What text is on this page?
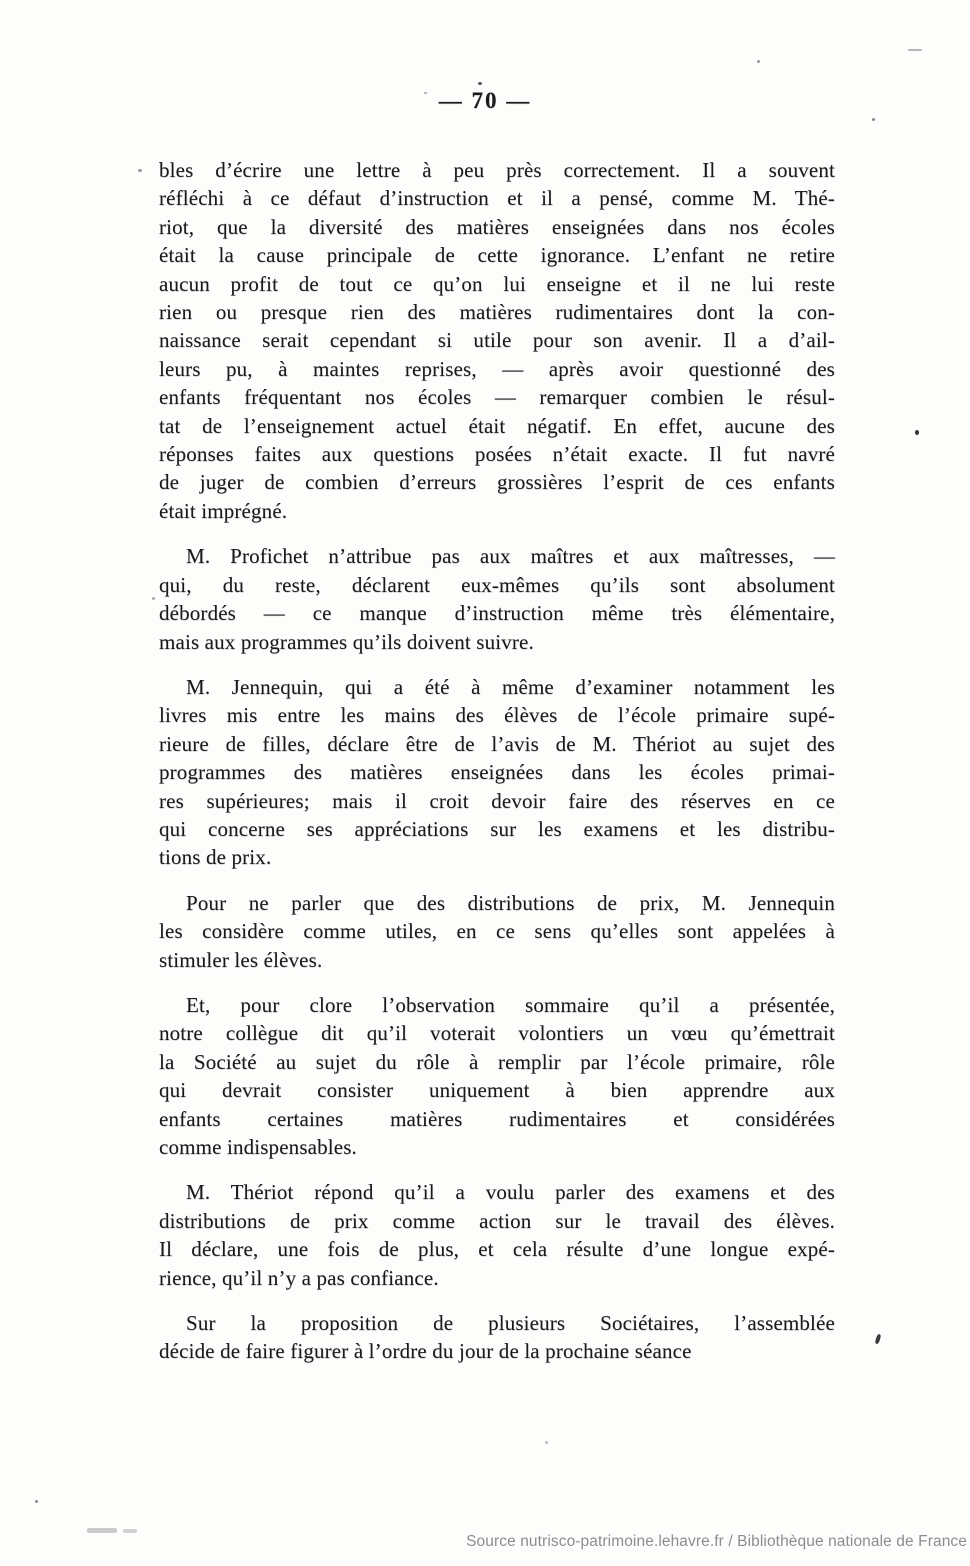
— 70 —
bles d’écrire une lettre à peu près correctement. Il a souvent
réfléchi à ce défaut d’instruction et il a pensé, comme M. Thé-
riot, que la diversité des matières enseignées dans nos écoles
était la cause principale de cette ignorance. L’enfant ne retire
aucun profit de tout ce qu’on lui enseigne et il ne lui reste
rien ou presque rien des matières rudimentaires dont la con-
naissance serait cependant si utile pour son avenir. Il a d’ail-
leurs pu, à maintes reprises, — après avoir questionné des
enfants fréquentant nos écoles — remarquer combien le résul-
tat de l’enseignement actuel était négatif. En effet, aucune des
réponses faites aux questions posées n’était exacte. Il fut navré
de juger de combien d’erreurs grossières l’esprit de ces enfants
était imprégné.
M. Profichet n’attribue pas aux maîtres et aux maîtresses, —
qui, du reste, déclarent eux-mêmes qu’ils sont absolument
débordés — ce manque d’instruction même très élémentaire,
mais aux programmes qu’ils doivent suivre.
M. Jennequin, qui a été à même d’examiner notamment les
livres mis entre les mains des élèves de l’école primaire supé-
rieure de filles, déclare être de l’avis de M. Thériot au sujet des
programmes des matières enseignées dans les écoles primai-
res supérieures; mais il croit devoir faire des réserves en ce
qui concerne ses appréciations sur les examens et les distribu-
tions de prix.
Pour ne parler que des distributions de prix, M. Jennequin
les considère comme utiles, en ce sens qu’elles sont appelées à
stimuler les élèves.
Et, pour clore l’observation sommaire qu’il a présentée,
notre collègue dit qu’il voterait volontiers un vœu qu’émettrait
la Société au sujet du rôle à remplir par l’école primaire, rôle
qui devrait consister uniquement à bien apprendre aux
enfants certaines matières rudimentaires et considérées
comme indispensables.
M. Thériot répond qu’il a voulu parler des examens et des
distributions de prix comme action sur le travail des élèves.
Il déclare, une fois de plus, et cela résulte d’une longue expé-
rience, qu’il n’y a pas confiance.
Sur la proposition de plusieurs Sociétaires, l’assemblée
décide de faire figurer à l’ordre du jour de la prochaine séance
Source nutrisco-patrimoine.lehavre.fr / Bibliothèque nationale de France
